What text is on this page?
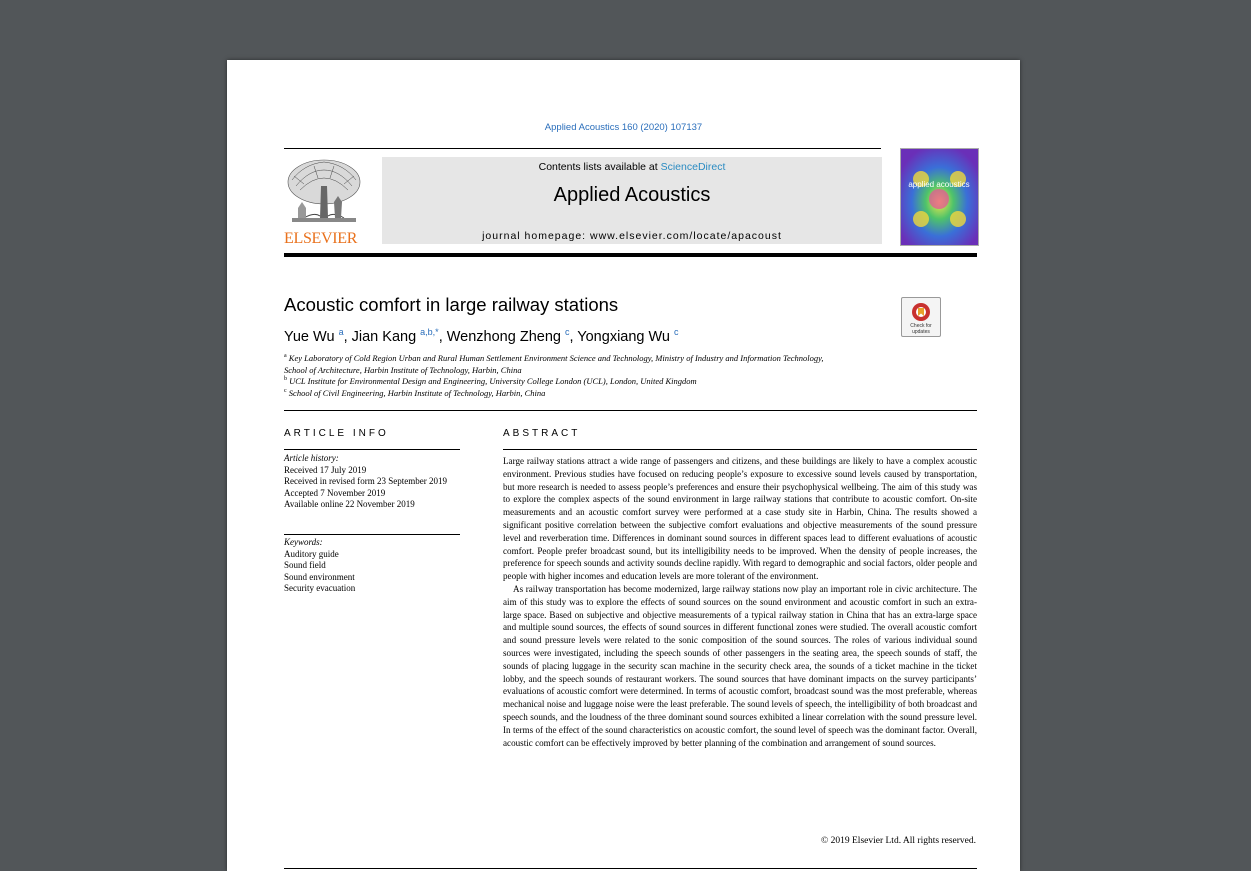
Applied Acoustics 160 (2020) 107137
ELSEVIER
Contents lists available at ScienceDirect
Applied Acoustics
journal homepage: www.elsevier.com/locate/apacoust
applied acoustics
Acoustic comfort in large railway stations
Check for
updates
Yue Wu $^a$, Jian Kang $^{a,b,*}$, Wenzhong Zheng $^c$, Yongxiang Wu $^c$
$^a$ Key Laboratory of Cold Region Urban and Rural Human Settlement Environment Science and Technology, Ministry of Industry and Information Technology,
School of Architecture, Harbin Institute of Technology, Harbin, China
$^b$ UCL Institute for Environmental Design and Engineering, University College London (UCL), London, United Kingdom
$^c$ School of Civil Engineering, Harbin Institute of Technology, Harbin, China
ARTICLE INFO	ABSTRACT
Article history:
Received 17 July 2019
Received in revised form 23 September 2019
Accepted 7 November 2019
Available online 22 November 2019
Keywords:
Auditory guide
Sound field
Sound environment
Security evacuation

Large railway stations attract a wide range of passengers and citizens, and these buildings are likely to have a complex acoustic environment. Previous studies have focused on reducing people’s exposure to excessive sound levels caused by transportation, but more research is needed to assess people’s preferences and ensure their psychophysical wellbeing. The aim of this study was to explore the complex aspects of the sound environment in large railway stations that contribute to acoustic comfort. On-site measurements and an acoustic comfort survey were performed at a case study site in Harbin, China. The results showed a significant positive correlation between the subjective comfort evaluations and objective measurements of the sound pressure level and reverberation time. Differences in dominant sound sources in different spaces lead to different evaluations of acoustic comfort. People prefer broadcast sound, but its intelligibility needs to be improved. When the density of people increases, the preference for speech sounds and activity sounds decline rapidly. With regard to demographic and social factors, older people and people with higher incomes and education levels are more tolerant of the environment.

As railway transportation has become modernized, large railway stations now play an important role in civic architecture. The aim of this study was to explore the effects of sound sources on the sound environment and acoustic comfort in such an extra-large space. Based on subjective and objective measurements of a typical railway station in China that has an extra-large space and multiple sound sources, the effects of sound sources in different functional zones were studied. The overall acoustic comfort and sound pressure levels were related to the sonic composition of the sound sources. The roles of various individual sound sources were investigated, including the speech sounds of other passengers in the seating area, the speech sounds of staff, the sounds of placing luggage in the security scan machine in the security check area, the sounds of a ticket machine in the ticket lobby, and the speech sounds of restaurant workers. The sound sources that have dominant impacts on the survey participants’ evaluations of acoustic comfort were determined. In terms of acoustic comfort, broadcast sound was the most preferable, whereas mechanical noise and luggage noise were the least preferable. The sound levels of speech, the intelligibility of both broadcast and speech sounds, and the loudness of the three dominant sound sources exhibited a linear correlation with the sound pressure level. In terms of the effect of the sound characteristics on acoustic comfort, the sound level of speech was the dominant factor. Overall, acoustic comfort can be effectively improved by better planning of the combination and arrangement of sound sources.

© 2019 Elsevier Ltd. All rights reserved.
